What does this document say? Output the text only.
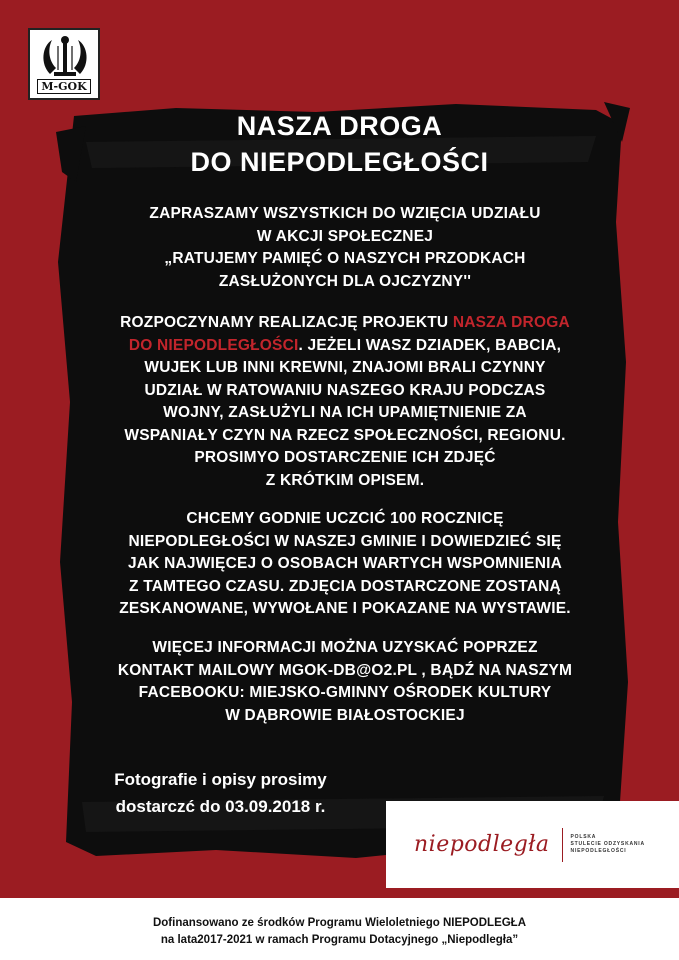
M-GOK
NASZA DROGA
DO NIEPODLEGŁOŚCI
ZAPRASZAMY WSZYSTKICH DO WZIĘCIA UDZIAŁU
W AKCJI SPOŁECZNEJ
„RATUJEMY PAMIĘĆ O NASZYCH PRZODKACH
ZASŁUŻONYCH DLA OJCZYZNY''
ROZPOCZYNAMY REALIZACJĘ PROJEKTU NASZA DROGA
DO NIEPODLEGŁOŚCI. JEŻELI WASZ DZIADEK, BABCIA,
WUJEK LUB INNI KREWNI, ZNAJOMI BRALI CZYNNY
UDZIAŁ W RATOWANIU NASZEGO KRAJU PODCZAS
WOJNY, ZASŁUŻYLI NA ICH UPAMIĘTNIENIE ZA
WSPANIAŁY CZYN NA RZECZ SPOŁECZNOŚCI, REGIONU.
PROSIMYO DOSTARCZENIE ICH ZDJĘĆ
Z KRÓTKIM OPISEM.
CHCEMY GODNIE UCZCIĆ 100 ROCZNICĘ
NIEPODLEGŁOŚCI W NASZEJ GMINIE I DOWIEDZIEĆ SIĘ
JAK NAJWIĘCEJ O OSOBACH WARTYCH WSPOMNIENIA
Z TAMTEGO CZASU. ZDJĘCIA DOSTARCZONE ZOSTANĄ
ZESKANOWANE, WYWOŁANE I POKAZANE NA WYSTAWIE.
WIĘCEJ INFORMACJI MOŻNA UZYSKAĆ POPRZEZ
KONTAKT MAILOWY MGOK-DB@O2.PL , BĄDŹ NA NASZYM
FACEBOOKU: MIEJSKO-GMINNY OŚRODEK KULTURY
W DĄBROWIE BIAŁOSTOCKIEJ
Fotografie i opisy prosimy
dostarczć do 03.09.2018 r.
niepodległa	POLSKA
STULECIE ODZYSKANIA
NIEPODLEGŁOŚCI
Dofinansowano ze środków Programu Wieloletniego NIEPODLEGŁA
na lata2017-2021 w ramach Programu Dotacyjnego „Niepodległa”
